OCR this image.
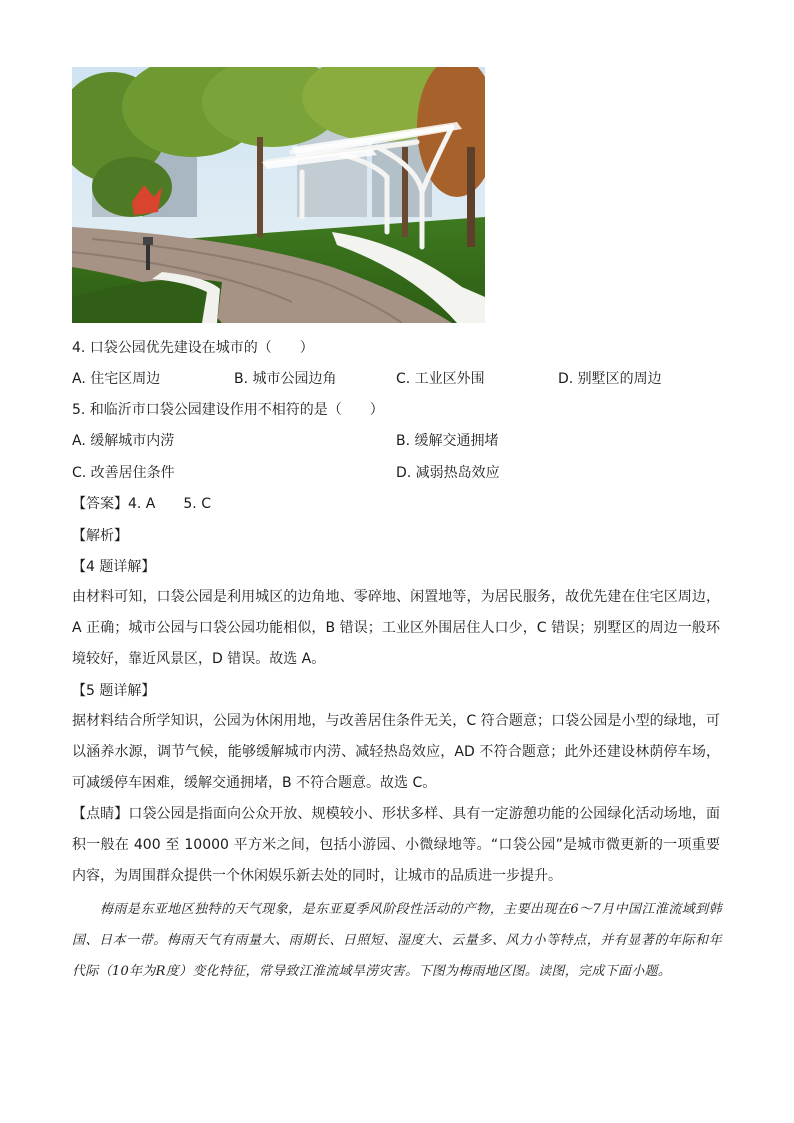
4. 口袋公园优先建设在城市的（　　）
A. 住宅区周边	B. 城市公园边角	C. 工业区外围	D. 别墅区的周边
5. 和临沂市口袋公园建设作用不相符的是（　　）
A. 缓解城市内涝	B. 缓解交通拥堵
C. 改善居住条件	D. 减弱热岛效应
【答案】4. A　　5. C
【解析】
【4 题详解】
由材料可知，口袋公园是利用城区的边角地、零碎地、闲置地等，为居民服务，故优先建在住宅区周边，A 正确；城市公园与口袋公园功能相似，B 错误；工业区外围居住人口少，C 错误；别墅区的周边一般环境较好，靠近风景区，D 错误。故选 A。
【5 题详解】
据材料结合所学知识，公园为休闲用地，与改善居住条件无关，C 符合题意；口袋公园是小型的绿地，可以涵养水源，调节气候，能够缓解城市内涝、减轻热岛效应，AD 不符合题意；此外还建设林荫停车场，可减缓停车困难，缓解交通拥堵，B 不符合题意。故选 C。
【点睛】口袋公园是指面向公众开放、规模较小、形状多样、具有一定游憩功能的公园绿化活动场地，面积一般在 400 至 10000 平方米之间，包括小游园、小微绿地等。“口袋公园”是城市微更新的一项重要内容，为周围群众提供一个休闲娱乐新去处的同时，让城市的品质进一步提升。
梅雨是东亚地区独特的天气现象，是东亚夏季风阶段性活动的产物，主要出现在6～7月中国江淮流域到韩国、日本一带。梅雨天气有雨量大、雨期长、日照短、湿度大、云量多、风力小等特点，并有显著的年际和年代际（10年为R度）变化特征，常导致江淮流域旱涝灾害。下图为梅雨地区图。读图，完成下面小题。
